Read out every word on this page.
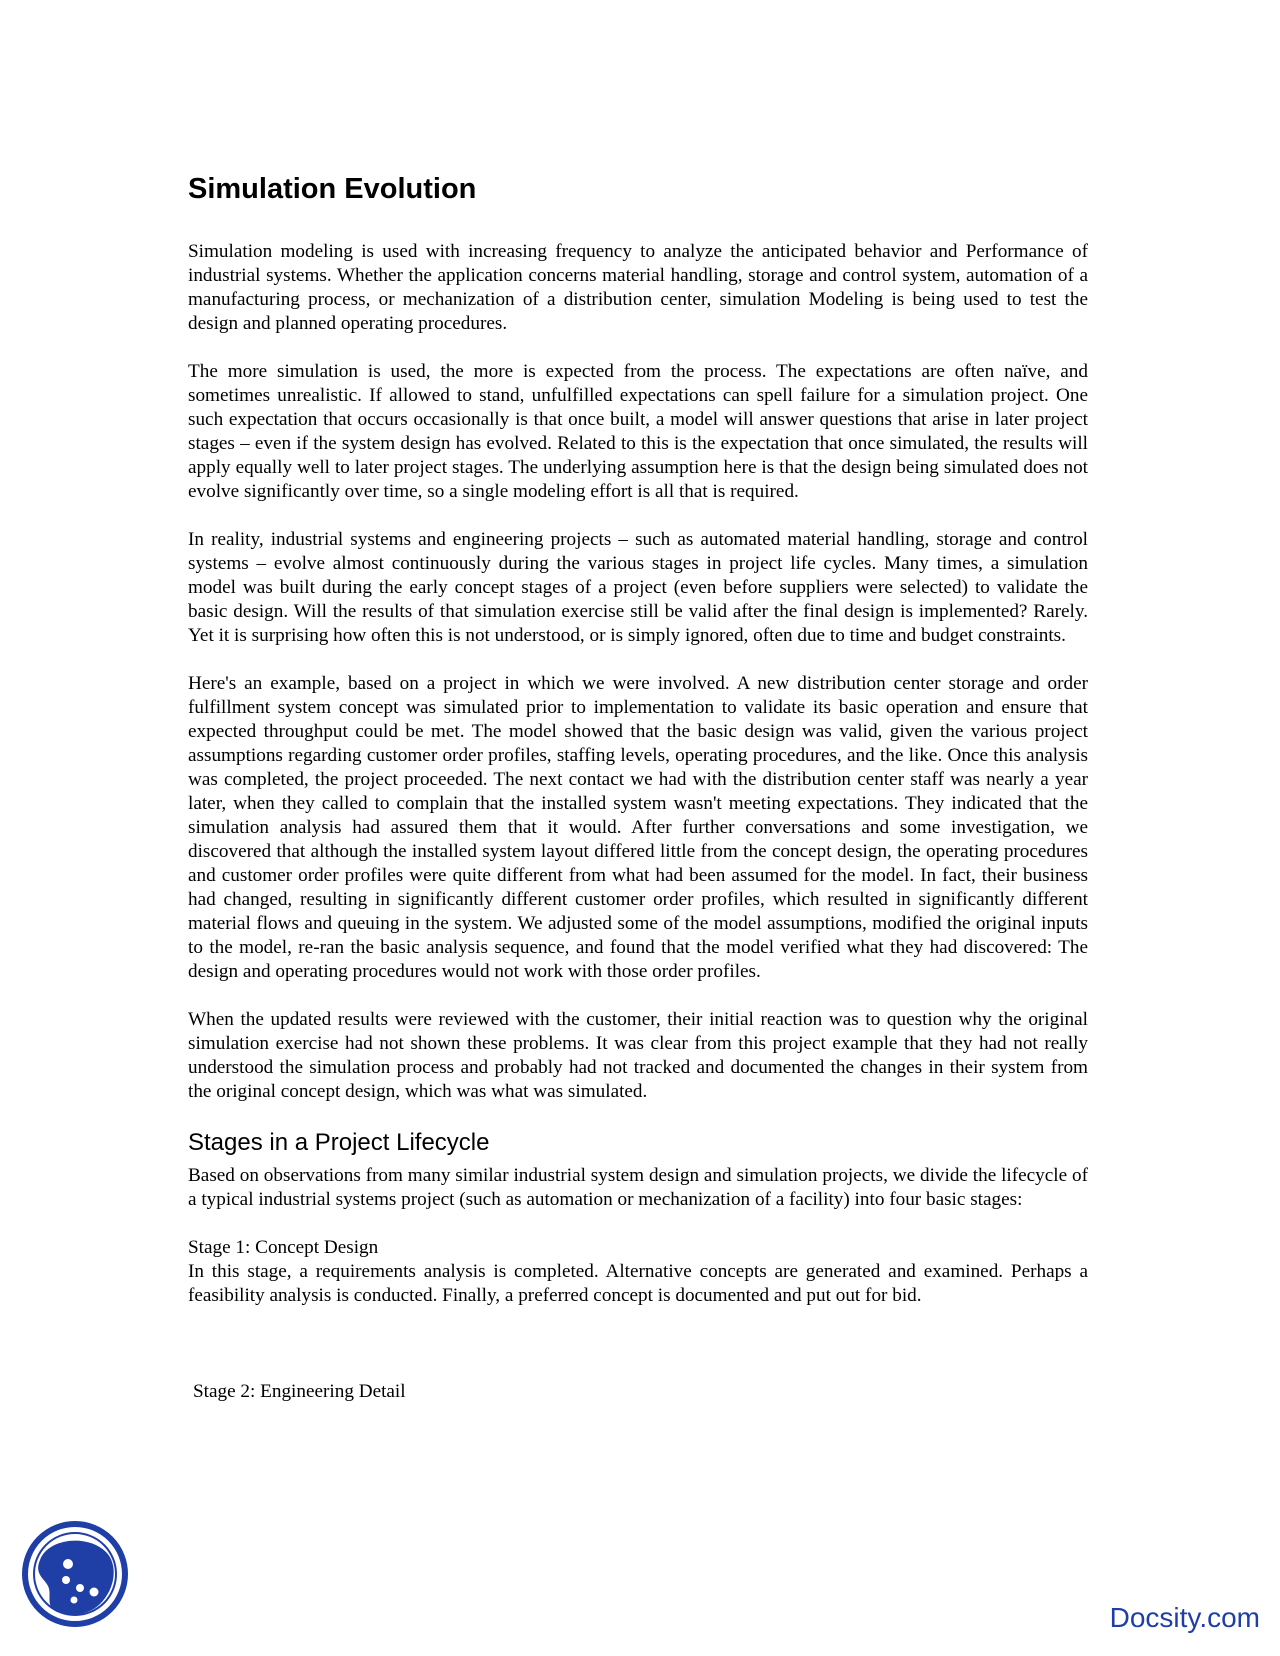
Simulation Evolution

Simulation modeling is used with increasing frequency to analyze the anticipated behavior and Performance of industrial systems. Whether the application concerns material handling, storage and control system, automation of a manufacturing process, or mechanization of a distribution center, simulation Modeling is being used to test the design and planned operating procedures.

The more simulation is used, the more is expected from the process. The expectations are often naïve, and sometimes unrealistic. If allowed to stand, unfulfilled expectations can spell failure for a simulation project. One such expectation that occurs occasionally is that once built, a model will answer questions that arise in later project stages – even if the system design has evolved. Related to this is the expectation that once simulated, the results will apply equally well to later project stages. The underlying assumption here is that the design being simulated does not evolve significantly over time, so a single modeling effort is all that is required.

In reality, industrial systems and engineering projects – such as automated material handling, storage and control systems – evolve almost continuously during the various stages in project life cycles. Many times, a simulation model was built during the early concept stages of a project (even before suppliers were selected) to validate the basic design. Will the results of that simulation exercise still be valid after the final design is implemented? Rarely. Yet it is surprising how often this is not understood, or is simply ignored, often due to time and budget constraints.

Here's an example, based on a project in which we were involved. A new distribution center storage and order fulfillment system concept was simulated prior to implementation to validate its basic operation and ensure that expected throughput could be met. The model showed that the basic design was valid, given the various project assumptions regarding customer order profiles, staffing levels, operating procedures, and the like. Once this analysis was completed, the project proceeded. The next contact we had with the distribution center staff was nearly a year later, when they called to complain that the installed system wasn't meeting expectations. They indicated that the simulation analysis had assured them that it would. After further conversations and some investigation, we discovered that although the installed system layout differed little from the concept design, the operating procedures and customer order profiles were quite different from what had been assumed for the model. In fact, their business had changed, resulting in significantly different customer order profiles, which resulted in significantly different material flows and queuing in the system. We adjusted some of the model assumptions, modified the original inputs to the model, re-ran the basic analysis sequence, and found that the model verified what they had discovered: The design and operating procedures would not work with those order profiles.

When the updated results were reviewed with the customer, their initial reaction was to question why the original simulation exercise had not shown these problems. It was clear from this project example that they had not really understood the simulation process and probably had not tracked and documented the changes in their system from the original concept design, which was what was simulated.

Stages in a Project Lifecycle

Based on observations from many similar industrial system design and simulation projects, we divide the lifecycle of a typical industrial systems project (such as automation or mechanization of a facility) into four basic stages:

Stage 1: Concept Design

In this stage, a requirements analysis is completed. Alternative concepts are generated and examined. Perhaps a feasibility analysis is conducted. Finally, a preferred concept is documented and put out for bid.

Stage 2: Engineering Detail

Docsity.com
